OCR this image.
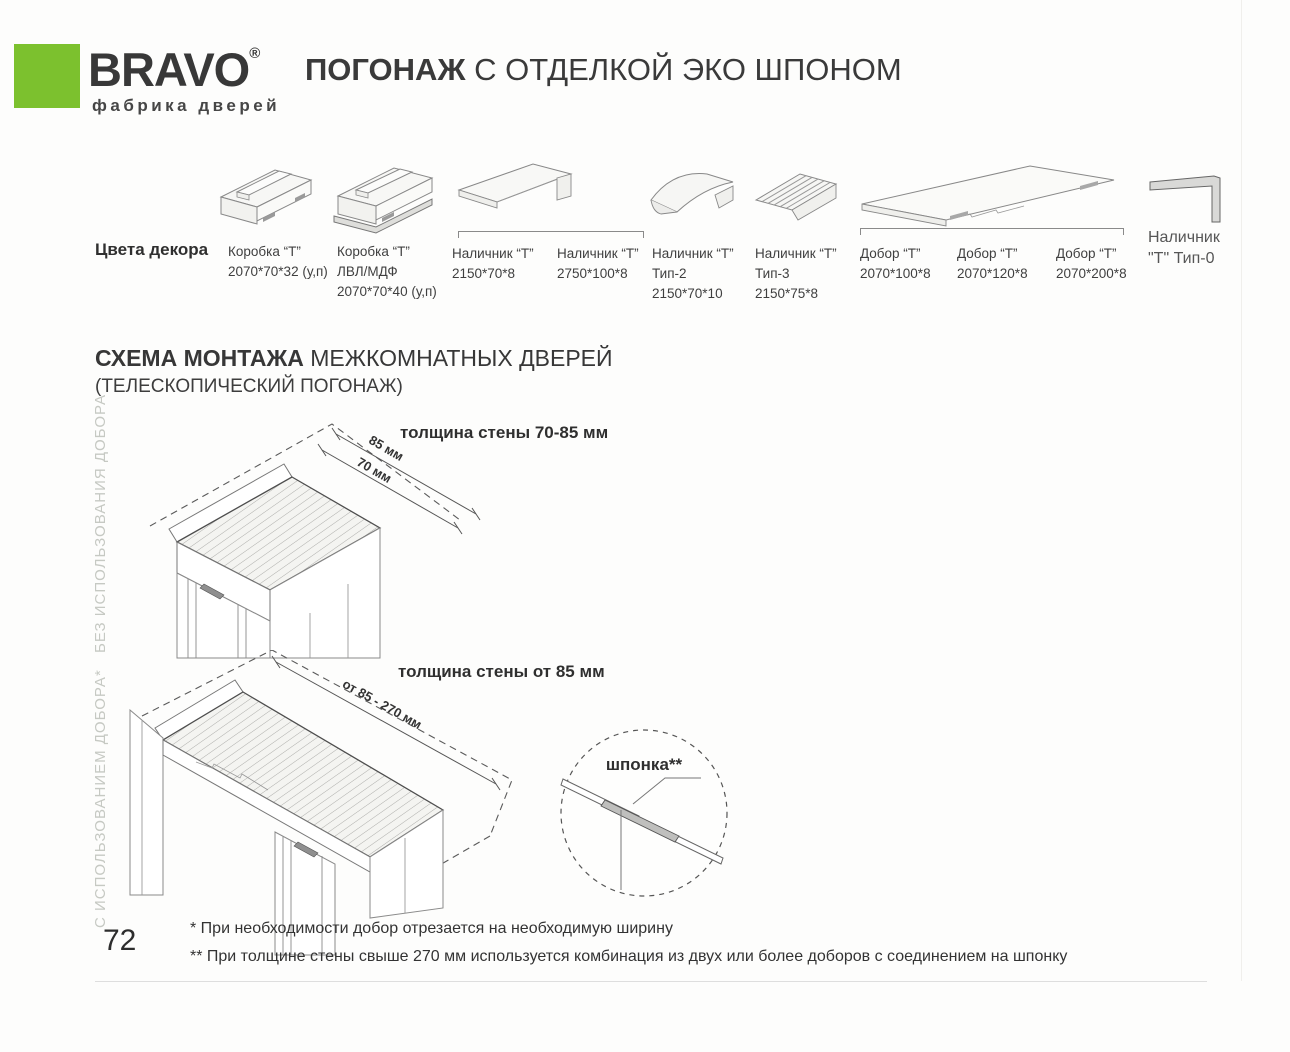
BRAVO®
фабрика дверей
ПОГОНАЖ С ОТДЕЛКОЙ ЭКО ШПОНОМ
Цвета декора Коробка “Т”
2070*70*32 (у,п)
Коробка “Т”
ЛВЛ/МДФ
2070*70*40 (у,п)
Наличник “Т”
2150*70*8
Наличник “Т”
2750*100*8
Наличник “Т”
Тип-2
2150*70*10
Наличник “Т”
Тип-3
2150*75*8
Добор “Т”
2070*100*8
Добор “Т”
2070*120*8
Добор “Т”
2070*200*8
Наличник
"Т" Тип-0
СХЕМА МОНТАЖА МЕЖКОМНАТНЫХ ДВЕРЕЙ
(ТЕЛЕСКОПИЧЕСКИЙ ПОГОНАЖ)
БЕЗ ИСПОЛЬЗОВАНИЯ ДОБОРА
С ИСПОЛЬЗОВАНИЕМ ДОБОРА*
толщина стены 70-85 мм
толщина стены от 85 мм
85 мм
70 мм
от 85 - 270 мм
шпонка**
72	* При необходимости добор отрезается на необходимую ширину
** При толщине стены свыше 270 мм используется комбинация из двух или более доборов с соединением на шпонку
